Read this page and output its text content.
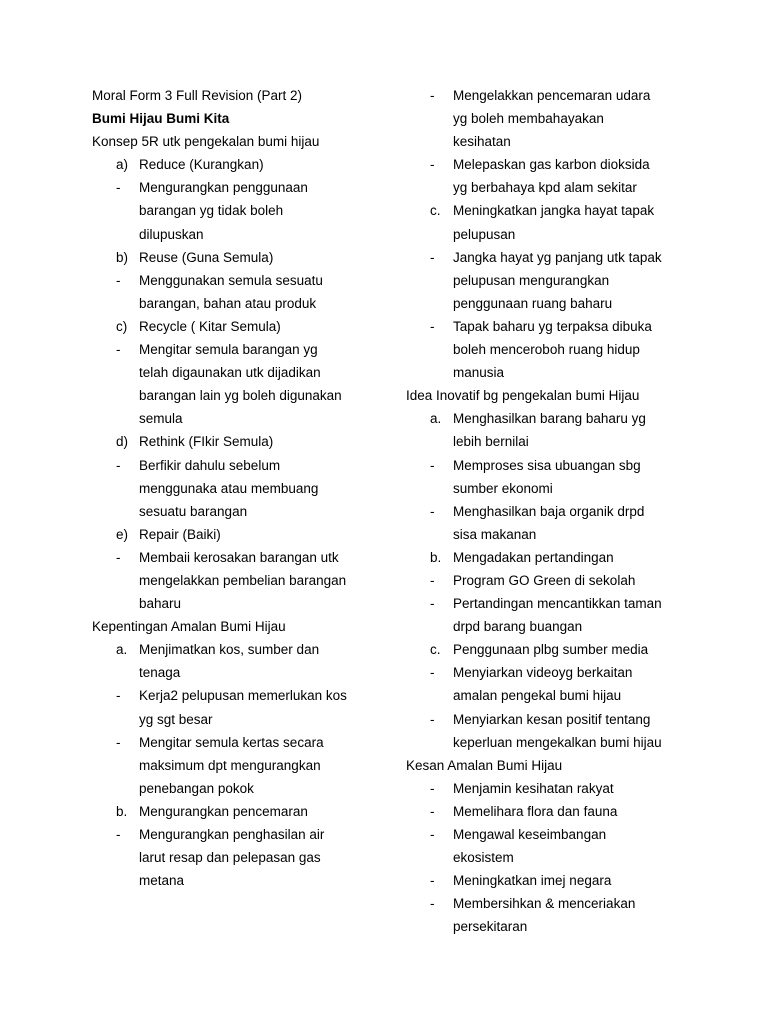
Moral Form 3 Full Revision (Part 2)
Bumi Hijau Bumi Kita
Konsep 5R utk pengekalan bumi hijau
a) Reduce (Kurangkan)
- Mengurangkan penggunaan
barangan yg tidak boleh
dilupuskan
b) Reuse (Guna Semula)
- Menggunakan semula sesuatu
barangan, bahan atau produk
c) Recycle ( Kitar Semula)
- Mengitar semula barangan yg
telah digaunakan utk dijadikan
barangan lain yg boleh digunakan
semula
d) Rethink (FIkir Semula)
- Berfikir dahulu sebelum
menggunaka atau membuang
sesuatu barangan
e) Repair (Baiki)
- Membaii kerosakan barangan utk
mengelakkan pembelian barangan
baharu
Kepentingan Amalan Bumi Hijau
a. Menjimatkan kos, sumber dan
tenaga
- Kerja2 pelupusan memerlukan kos
yg sgt besar
- Mengitar semula kertas secara
maksimum dpt mengurangkan
penebangan pokok
b. Mengurangkan pencemaran
- Mengurangkan penghasilan air
larut resap dan pelepasan gas
metana
- Mengelakkan pencemaran udara
yg boleh membahayakan
kesihatan
- Melepaskan gas karbon dioksida
yg berbahaya kpd alam sekitar
c. Meningkatkan jangka hayat tapak
pelupusan
- Jangka hayat yg panjang utk tapak
pelupusan mengurangkan
penggunaan ruang baharu
- Tapak baharu yg terpaksa dibuka
boleh menceroboh ruang hidup
manusia
Idea Inovatif bg pengekalan bumi Hijau
a. Menghasilkan barang baharu yg
lebih bernilai
- Memproses sisa ubuangan sbg
sumber ekonomi
- Menghasilkan baja organik drpd
sisa makanan
b. Mengadakan pertandingan
- Program GO Green di sekolah
- Pertandingan mencantikkan taman
drpd barang buangan
c. Penggunaan plbg sumber media
- Menyiarkan videoyg berkaitan
amalan pengekal bumi hijau
- Menyiarkan kesan positif tentang
keperluan mengekalkan bumi hijau
Kesan Amalan Bumi Hijau
- Menjamin kesihatan rakyat
- Memelihara flora dan fauna
- Mengawal keseimbangan
ekosistem
- Meningkatkan imej negara
- Membersihkan & menceriakan
persekitaran
